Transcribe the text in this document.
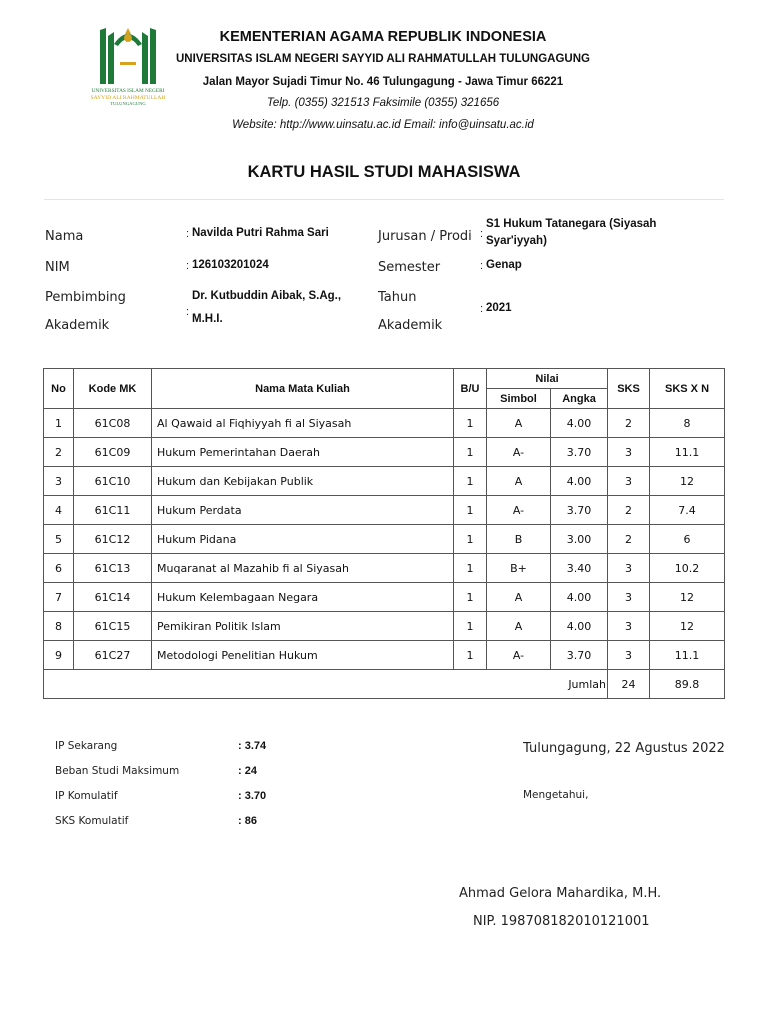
UNIVERSITAS ISLAM NEGERI
SAYYID ALI RAHMATULLAH
TULUNGAGUNG
KEMENTERIAN AGAMA REPUBLIK INDONESIA
UNIVERSITAS ISLAM NEGERI SAYYID ALI RAHMATULLAH TULUNGAGUNG
Jalan Mayor Sujadi Timur No. 46 Tulungagung - Jawa Timur 66221
Telp. (0355) 321513 Faksimile (0355) 321656
Website: http://www.uinsatu.ac.id Email: info@uinsatu.ac.id
KARTU HASIL STUDI MAHASISWA
Nama	: Navilda Putri Rahma Sari
NIM	: 126103201024
Pembimbing
Akademik
:
Dr. Kutbuddin Aibak, S.Ag.,
M.H.I.
Jurusan / Prodi :
S1 Hukum Tatanegara (Siyasah
Syar'iyyah)
Semester	: Genap
Tahun
Akademik
: 2021
No	Kode MK	Nama Mata Kuliah	B/U	Nilai		SKS	SKS X N
				Simbol	Angka		
1	61C08	Al Qawaid al Fiqhiyyah fi al Siyasah	1	A	4.00	2	8
2	61C09	Hukum Pemerintahan Daerah	1	A-	3.70	3	11.1
3	61C10	Hukum dan Kebijakan Publik	1	A	4.00	3	12
4	61C11	Hukum Perdata	1	A-	3.70	2	7.4
5	61C12	Hukum Pidana	1	B	3.00	2	6
6	61C13	Muqaranat al Mazahib fi al Siyasah	1	B+	3.40	3	10.2
7	61C14	Hukum Kelembagaan Negara	1	A	4.00	3	12
8	61C15	Pemikiran Politik Islam	1	A	4.00	3	12
9	61C27	Metodologi Penelitian Hukum	1	A-	3.70	3	11.1
Jumlah						24	89.8
IP Sekarang	: 3.74
Beban Studi Maksimum	: 24
IP Komulatif	: 3.70
SKS Komulatif	: 86
Tulungagung, 22 Agustus 2022
Mengetahui,
Ahmad Gelora Mahardika, M.H.
NIP. 198708182010121001
